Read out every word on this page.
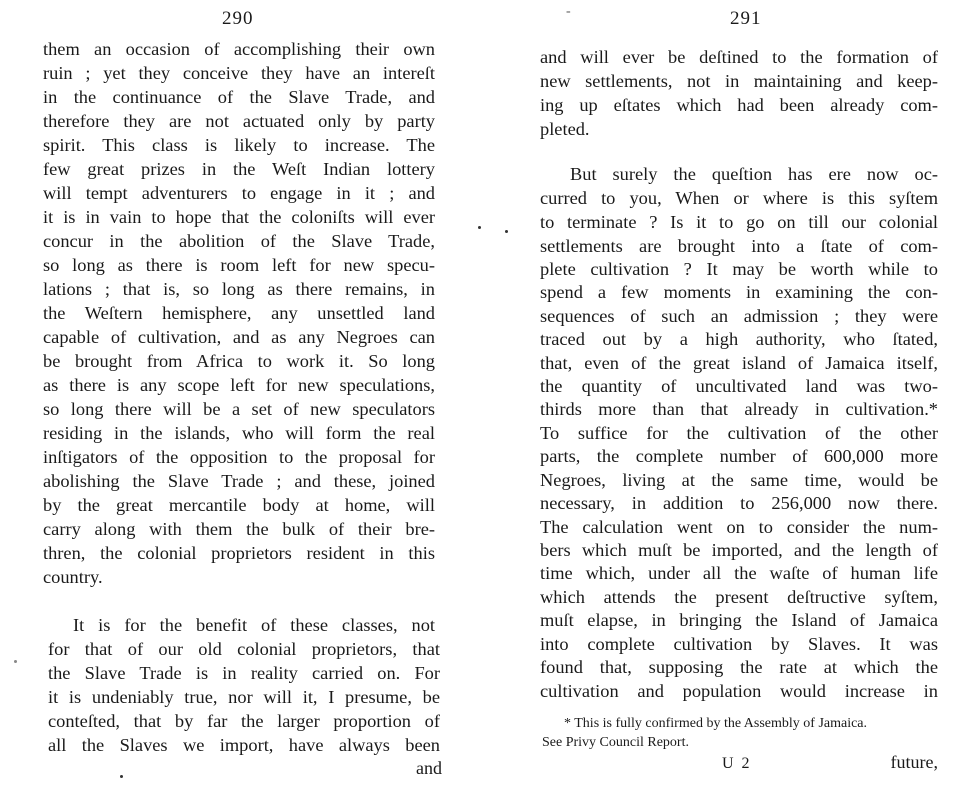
290
them an occasion of accomplishing their own
ruin ; yet they conceive they have an intereſt
in the continuance of the Slave Trade, and
therefore they are not actuated only by party
spirit. This class is likely to increase. The
few great prizes in the Weſt Indian lottery
will tempt adventurers to engage in it ; and
it is in vain to hope that the coloniſts will ever
concur in the abolition of the Slave Trade,
so long as there is room left for new specu-
lations ; that is, so long as there remains, in
the Weſtern hemisphere, any unsettled land
capable of cultivation, and as any Negroes can
be brought from Africa to work it. So long
as there is any scope left for new speculations,
so long there will be a set of new speculators
residing in the islands, who will form the real
inſtigators of the opposition to the proposal for
abolishing the Slave Trade ; and these, joined
by the great mercantile body at home, will
carry along with them the bulk of their bre-
thren, the colonial proprietors resident in this
country.
It is for the benefit of these classes, not
for that of our old colonial proprietors, that
the Slave Trade is in reality carried on. For
it is undeniably true, nor will it, I presume, be
conteſted, that by far the larger proportion of
all the Slaves we import, have always been
and
-	291
and will ever be deſtined to the formation of
new settlements, not in maintaining and keep-
ing up eſtates which had been already com-
pleted.
But surely the queſtion has ere now oc-
curred to you, When or where is this syſtem
to terminate ? Is it to go on till our colonial
settlements are brought into a ſtate of com-
plete cultivation ? It may be worth while to
spend a few moments in examining the con-
sequences of such an admission ; they were
traced out by a high authority, who ſtated,
that, even of the great island of Jamaica itself,
the quantity of uncultivated land was two-
thirds more than that already in cultivation.*
To suffice for the cultivation of the other
parts, the complete number of 600,000 more
Negroes, living at the same time, would be
necessary, in addition to 256,000 now there.
The calculation went on to consider the num-
bers which muſt be imported, and the length of
time which, under all the waſte of human life
which attends the present deſtructive syſtem,
muſt elapse, in bringing the Island of Jamaica
into complete cultivation by Slaves. It was
found that, supposing the rate at which the
cultivation and population would increase in
* This is fully confirmed by the Assembly of Jamaica.
See Privy Council Report.
U 2	future,
